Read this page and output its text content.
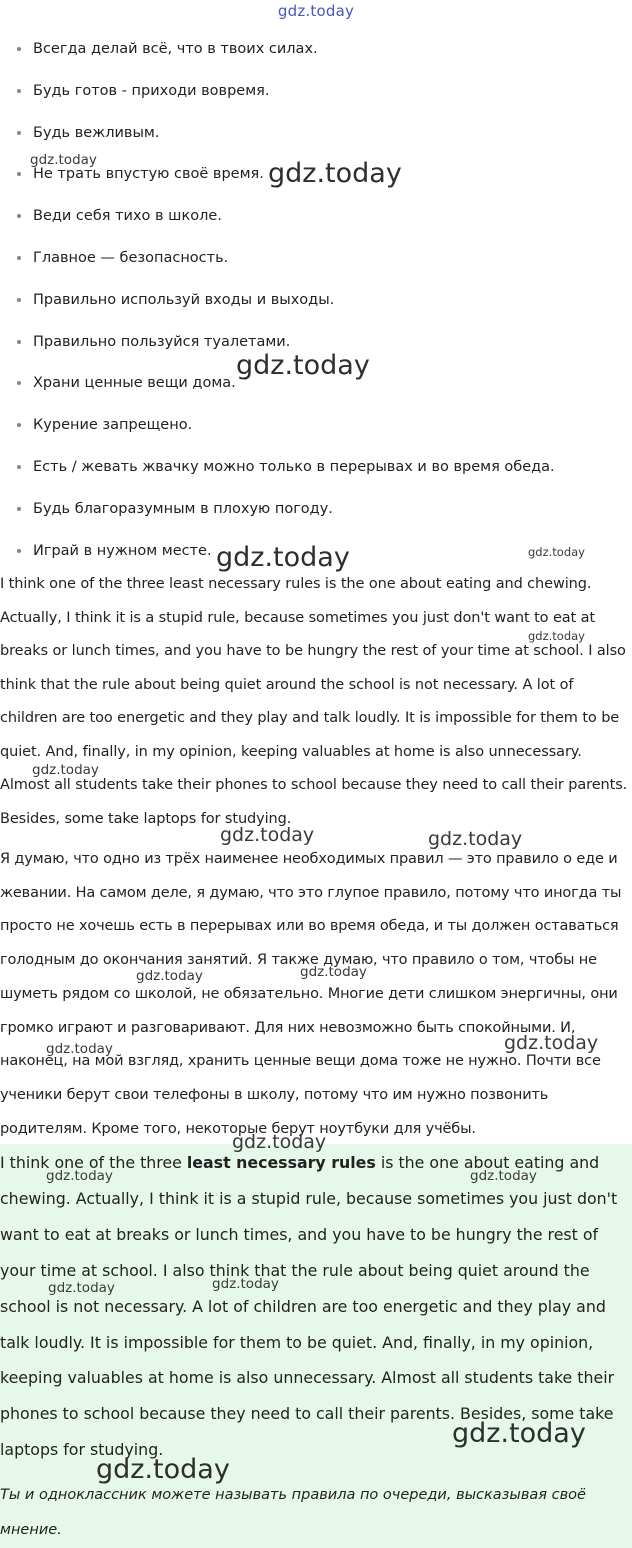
gdz.today
Всегда делай всё, что в твоих силах.
Будь готов - приходи вовремя.
Будь вежливым.
Не трать впустую своё время.
Веди себя тихо в школе.
Главное — безопасность.
Правильно используй входы и выходы.
Правильно пользуйся туалетами.
Храни ценные вещи дома.
Курение запрещено.
Есть / жевать жвачку можно только в перерывах и во время обеда.
Будь благоразумным в плохую погоду.
Играй в нужном месте.

I think one of the three least necessary rules is the one about eating and chewing. Actually, I think it is a stupid rule, because sometimes you just don't want to eat at breaks or lunch times, and you have to be hungry the rest of your time at school. I also think that the rule about being quiet around the school is not necessary. A lot of children are too energetic and they play and talk loudly. It is impossible for them to be quiet. And, finally, in my opinion, keeping valuables at home is also unnecessary. Almost all students take their phones to school because they need to call their parents. Besides, some take laptops for studying.

Я думаю, что одно из трёх наименее необходимых правил — это правило о еде и жевании. На самом деле, я думаю, что это глупое правило, потому что иногда ты просто не хочешь есть в перерывах или во время обеда, и ты должен оставаться голодным до окончания занятий. Я также думаю, что правило о том, чтобы не шуметь рядом со школой, не обязательно. Многие дети слишком энергичны, они громко играют и разговаривают. Для них невозможно быть спокойными. И, наконец, на мой взгляд, хранить ценные вещи дома тоже не нужно. Почти все ученики берут свои телефоны в школу, потому что им нужно позвонить родителям. Кроме того, некоторые берут ноутбуки для учёбы.

I think one of the three least necessary rules is the one about eating and chewing. Actually, I think it is a stupid rule, because sometimes you just don't want to eat at breaks or lunch times, and you have to be hungry the rest of your time at school. I also think that the rule about being quiet around the school is not necessary. A lot of children are too energetic and they play and talk loudly. It is impossible for them to be quiet. And, finally, in my opinion, keeping valuables at home is also unnecessary. Almost all students take their phones to school because they need to call their parents. Besides, some take laptops for studying.

Ты и одноклассник можете называть правила по очереди, высказывая своё мнение.

gdz.today	gdz.today
gdz.today
gdz.today	gdz.today
gdz.today
gdz.today
gdz.today	gdz.today
gdz.today	gdz.today
gdz.today
gdz.today
gdz.today
gdz.today	gdz.today
gdz.today	gdz.today
gdz.today
gdz.today
